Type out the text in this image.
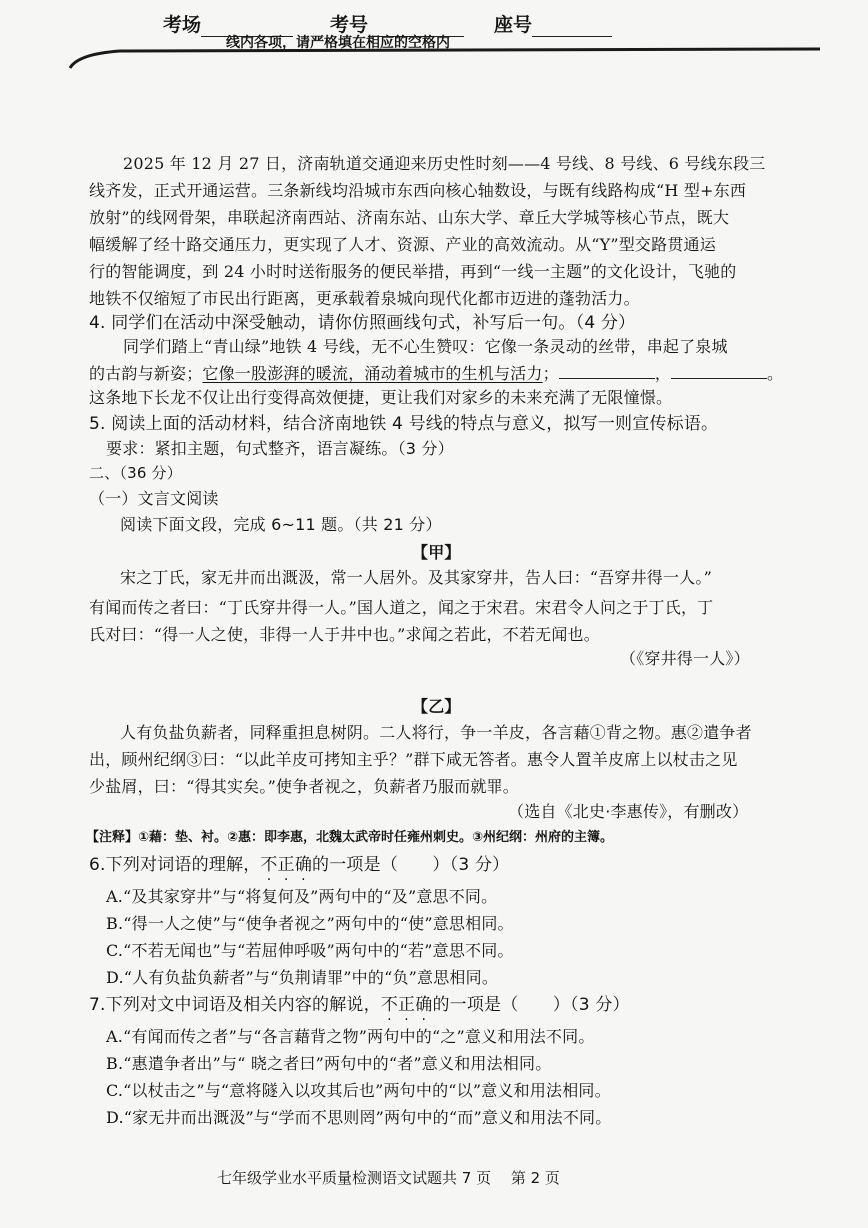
考场	考号	座号
线内各项，请严格填在相应的空格内
2025 年 12 月 27 日，济南轨道交通迎来历史性时刻——4 号线、8 号线、6 号线东段三
线齐发，正式开通运营。三条新线均沿城市东西向核心轴数设，与既有线路构成“H 型+东西
放射”的线网骨架，串联起济南西站、济南东站、山东大学、章丘大学城等核心节点，既大
幅缓解了经十路交通压力，更实现了人才、资源、产业的高效流动。从“Y”型交路贯通运
行的智能调度，到 24 小时时送衔服务的便民举措，再到“一线一主题”的文化设计，飞驰的
地铁不仅缩短了市民出行距离，更承载着泉城向现代化都市迈进的蓬勃活力。
4. 同学们在活动中深受触动，请你仿照画线句式，补写后一句。（4 分）
同学们踏上“青山绿”地铁 4 号线，无不心生赞叹：它像一条灵动的丝带，串起了泉城
的古韵与新姿；它像一股澎湃的暖流，涌动着城市的生机与活力；	，	。
这条地下长龙不仅让出行变得高效便捷，更让我们对家乡的未来充满了无限憧憬。
5. 阅读上面的活动材料，结合济南地铁 4 号线的特点与意义，拟写一则宣传标语。
要求：紧扣主题，句式整齐，语言凝练。（3 分）
二、（36 分）
（一）文言文阅读
阅读下面文段，完成 6~11 题。（共 21 分）
【甲】
宋之丁氏，家无井而出溉汲，常一人居外。及其家穿井，告人曰：“吾穿井得一人。”
有闻而传之者曰：“丁氏穿井得一人。”国人道之，闻之于宋君。宋君令人问之于丁氏，丁
氏对曰：“得一人之使，非得一人于井中也。”求闻之若此，不若无闻也。
（《穿井得一人》）
【乙】
人有负盐负薪者，同释重担息树阴。二人将行，争一羊皮，各言藉①背之物。惠②遣争者
出，顾州纪纲③曰：“以此羊皮可拷知主乎？”群下咸无答者。惠令人置羊皮席上以杖击之见
少盐屑，曰：“得其实矣。”使争者视之，负薪者乃服而就罪。
（选自《北史·李惠传》，有删改）
【注释】①藉：垫、衬。②惠：即李惠，北魏太武帝时任雍州刺史。③州纪纲：州府的主簿。
6.下列对词语的理解，不正确的一项是（　　）（3 分）
A.“及其家穿井”与“将复何及”两句中的“及”意思不同。
B.“得一人之使”与“使争者视之”两句中的“使”意思相同。
C.“不若无闻也”与“若屈伸呼吸”两句中的“若”意思不同。
D.“人有负盐负薪者”与“负荆请罪”中的“负”意思相同。
7.下列对文中词语及相关内容的解说，不正确的一项是（　　）（3 分）
A.“有闻而传之者”与“各言藉背之物”两句中的“之”意义和用法不同。
B.“惠遣争者出”与“ 晓之者曰”两句中的“者”意义和用法相同。
C.“以杖击之”与“意将隧入以攻其后也”两句中的“以”意义和用法相同。
D.“家无井而出溉汲”与“学而不思则罔”两句中的“而”意义和用法不同。
七年级学业水平质量检测语文试题共 7 页　 第 2 页
